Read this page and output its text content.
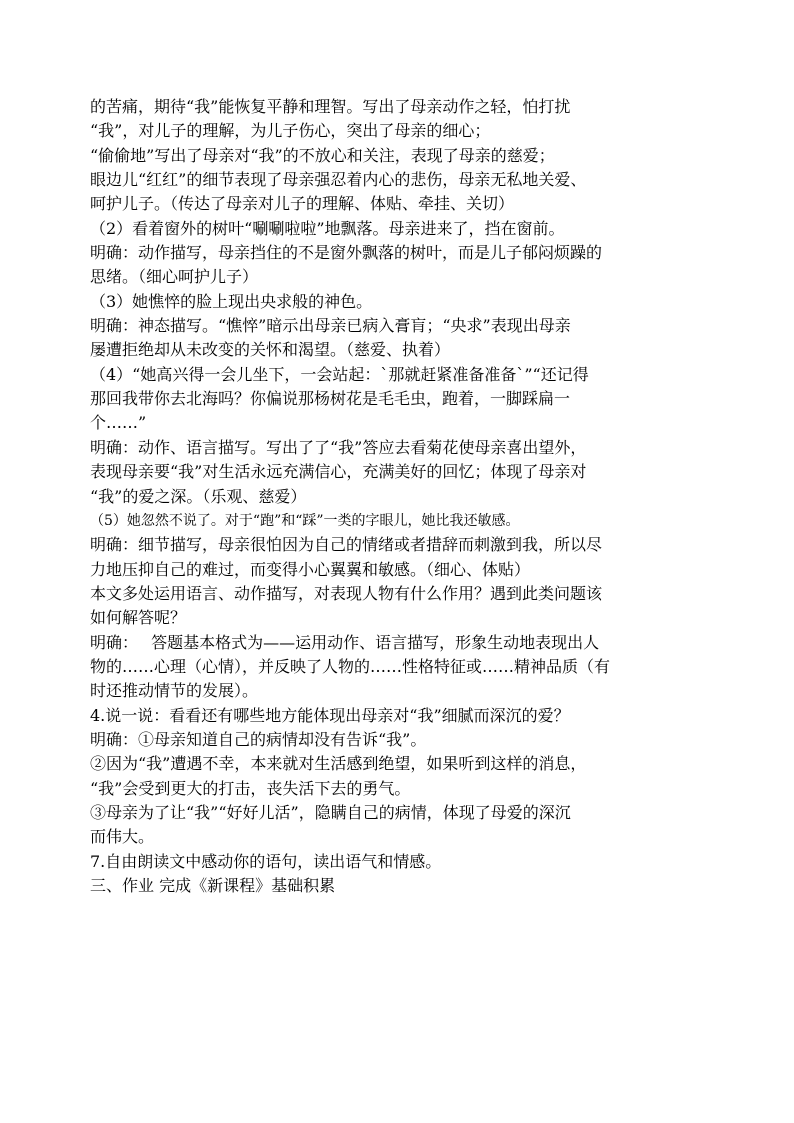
的苦痛，期待“我”能恢复平静和理智。写出了母亲动作之轻，怕打扰
“我”，对儿子的理解，为儿子伤心，突出了母亲的细心；
“偷偷地”写出了母亲对“我”的不放心和关注，表现了母亲的慈爱；
眼边儿“红红”的细节表现了母亲强忍着内心的悲伤，母亲无私地关爱、
呵护儿子。（传达了母亲对儿子的理解、体贴、牵挂、关切）
（2）看着窗外的树叶“唰唰啦啦”地飘落。母亲进来了，挡在窗前。
明确：动作描写，母亲挡住的不是窗外飘落的树叶，而是儿子郁闷烦躁的
思绪。（细心呵护儿子）
（3）她憔悴的脸上现出央求般的神色。
明确：神态描写。“憔悴”暗示出母亲已病入膏肓；“央求”表现出母亲
屡遭拒绝却从未改变的关怀和渴望。（慈爱、执着）
（4）“她高兴得一会儿坐下，一会站起：`那就赶紧准备准备`”“还记得
那回我带你去北海吗？你偏说那杨树花是毛毛虫，跑着，一脚踩扁一
个……”
明确：动作、语言描写。写出了了“我”答应去看菊花使母亲喜出望外，
表现母亲要“我”对生活永远充满信心，充满美好的回忆；体现了母亲对
“我”的爱之深。（乐观、慈爱）
（5）她忽然不说了。对于“跑”和“踩”一类的字眼儿，她比我还敏感。
明确：细节描写，母亲很怕因为自己的情绪或者措辞而刺激到我，所以尽
力地压抑自己的难过，而变得小心翼翼和敏感。（细心、体贴）
本文多处运用语言、动作描写，对表现人物有什么作用？遇到此类问题该
如何解答呢？
明确：　 答题基本格式为——运用动作、语言描写，形象生动地表现出人
物的……心理（心情），并反映了人物的……性格特征或……精神品质（有
时还推动情节的发展）。
4.说一说：看看还有哪些地方能体现出母亲对“我”细腻而深沉的爱？
明确：①母亲知道自己的病情却没有告诉“我”。
②因为“我”遭遇不幸，本来就对生活感到绝望，如果听到这样的消息，
“我”会受到更大的打击，丧失活下去的勇气。
③母亲为了让“我”“好好儿活”，隐瞒自己的病情，体现了母爱的深沉
而伟大。
7.自由朗读文中感动你的语句，读出语气和情感。
三、作业 完成《新课程》基础积累
